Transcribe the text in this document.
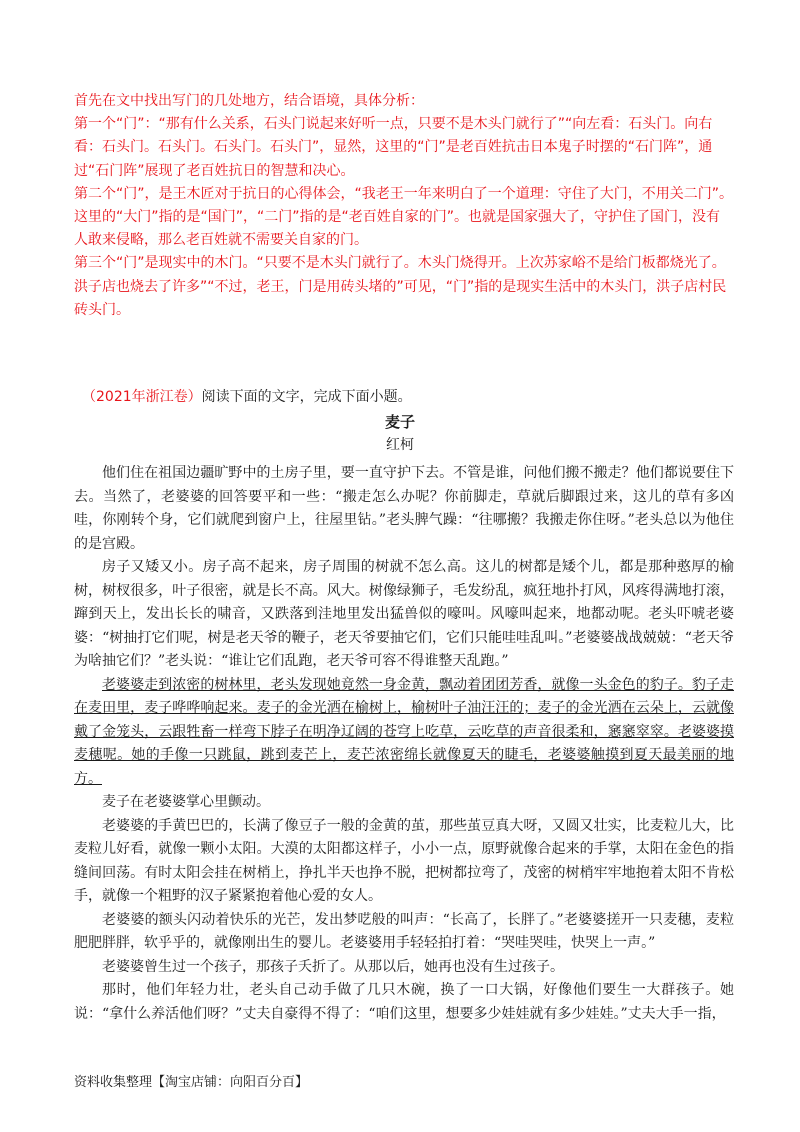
首先在文中找出写门的几处地方，结合语境，具体分析：

第一个“门”：“那有什么关系，石头门说起来好听一点，只要不是木头门就行了”“向左看：石头门。向右看：石头门。石头门。石头门。石头门”，显然，这里的“门”是老百姓抗击日本鬼子时摆的“石门阵”，通过“石门阵”展现了老百姓抗日的智慧和决心。

第二个“门”，是王木匠对于抗日的心得体会，“我老王一年来明白了一个道理：守住了大门，不用关二门”。这里的“大门”指的是“国门”，“二门”指的是“老百姓自家的门”。也就是国家强大了，守护住了国门，没有人敢来侵略，那么老百姓就不需要关自家的门。

第三个“门”是现实中的木门。“只要不是木头门就行了。木头门烧得开。上次苏家峪不是给门板都烧光了。洪子店也烧去了许多”“不过，老王，门是用砖头堵的”可见，“门”指的是现实生活中的木头门，洪子店村民砖头门。

（2021年浙江卷）阅读下面的文字，完成下面小题。
麦子
红柯

他们住在祖国边疆旷野中的土房子里，要一直守护下去。不管是谁，问他们搬不搬走？他们都说要住下去。当然了，老婆婆的回答要平和一些：“搬走怎么办呢？你前脚走，草就后脚跟过来，这儿的草有多凶哇，你刚转个身，它们就爬到窗户上，往屋里钻。”老头脾气躁：“往哪搬？我搬走你住呀。”老头总以为他住的是宫殿。

房子又矮又小。房子高不起来，房子周围的树就不怎么高。这儿的树都是矮个儿，都是那种憨厚的榆树，树杈很多，叶子很密，就是长不高。风大。树像绿狮子，毛发纷乱，疯狂地扑打风，风疼得满地打滚，蹿到天上，发出长长的啸音，又跌落到洼地里发出猛兽似的嚎叫。风嚎叫起来，地都动呢。老头吓唬老婆婆：“树抽打它们呢，树是老天爷的鞭子，老天爷要抽它们，它们只能哇哇乱叫。”老婆婆战战兢兢：“老天爷为啥抽它们？”老头说：“谁让它们乱跑，老天爷可容不得谁整天乱跑。”

老婆婆走到浓密的树林里，老头发现她竟然一身金黄，飘动着团团芳香，就像一头金色的豹子。豹子走在麦田里，麦子哗哗响起来。麦子的金光洒在榆树上，榆树叶子油汪汪的；麦子的金光洒在云朵上，云就像戴了金笼头，云跟牲畜一样弯下脖子在明净辽阔的苍穹上吃草，云吃草的声音很柔和，窸窸窣窣。老婆婆摸麦穗呢。她的手像一只跳鼠，跳到麦芒上，麦芒浓密绵长就像夏天的睫毛，老婆婆触摸到夏天最美丽的地方。

麦子在老婆婆掌心里颤动。

老婆婆的手黄巴巴的，长满了像豆子一般的金黄的茧，那些茧豆真大呀，又圆又壮实，比麦粒儿大，比麦粒儿好看，就像一颗小太阳。大漠的太阳都这样子，小小一点，原野就像合起来的手掌，太阳在金色的指缝间回荡。有时太阳会挂在树梢上，挣扎半天也挣不脱，把树都拉弯了，茂密的树梢牢牢地抱着太阳不肯松手，就像一个粗野的汉子紧紧抱着他心爱的女人。

老婆婆的额头闪动着快乐的光芒，发出梦呓般的叫声：“长高了，长胖了。”老婆婆搓开一只麦穗，麦粒肥肥胖胖，软乎乎的，就像刚出生的婴儿。老婆婆用手轻轻拍打着：“哭哇哭哇，快哭上一声。”

老婆婆曾生过一个孩子，那孩子夭折了。从那以后，她再也没有生过孩子。

那时，他们年轻力壮，老头自己动手做了几只木碗，换了一口大锅，好像他们要生一大群孩子。她说：“拿什么养活他们呀？”丈夫自豪得不得了：“咱们这里，想要多少娃娃就有多少娃娃。”丈夫大手一指，

资料收集整理【淘宝店铺：向阳百分百】
